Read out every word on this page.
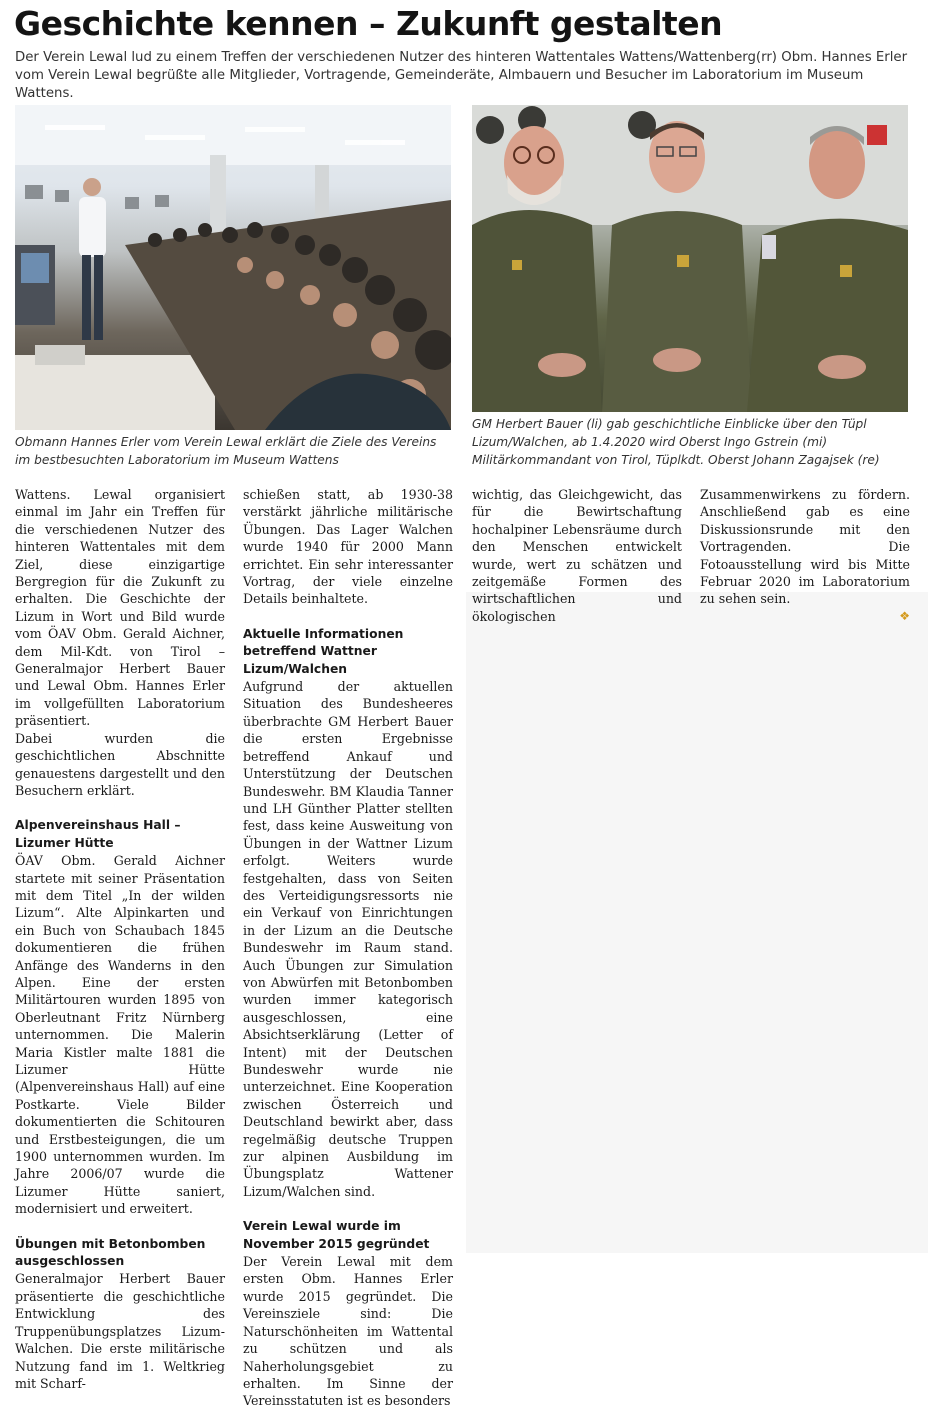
Geschichte kennen – Zukunft gestalten
Der Verein Lewal lud zu einem Treffen der verschiedenen Nutzer des hinteren Wattentales Wattens/Wattenberg(rr) Obm. Hannes Erler vom Verein Lewal begrüßte alle Mitglieder, Vortragende, Gemeinderäte, Almbauern und Besucher im Laboratorium im Museum Wattens.
Obmann Hannes Erler vom Verein Lewal erklärt die Ziele des Vereins im bestbesuchten Laboratorium im Museum Wattens
GM Herbert Bauer (li) gab geschichtliche Einblicke über den Tüpl Lizum/Walchen, ab 1.4.2020 wird Oberst Ingo Gstrein (mi) Militärkommandant von Tirol, Tüplkdt. Oberst Johann Zagajsek (re)

Wattens. Lewal organisiert einmal im Jahr ein Treffen für die verschiedenen Nutzer des hinteren Wattentales mit dem Ziel, diese einzigartige Bergregion für die Zukunft zu erhalten. Die Geschichte der Lizum in Wort und Bild wurde vom ÖAV Obm. Gerald Aichner, dem Mil-Kdt. von Tirol – Generalmajor Herbert Bauer und Lewal Obm. Hannes Erler im vollgefüllten Laboratorium präsentiert.

Dabei wurden die geschichtlichen Abschnitte genauestens dargestellt und den Besuchern erklärt.

Alpenvereinshaus Hall – Lizumer Hütte

ÖAV Obm. Gerald Aichner startete mit seiner Präsentation mit dem Titel „In der wilden Lizum“. Alte Alpinkarten und ein Buch von Schaubach 1845 dokumentieren die frühen Anfänge des Wanderns in den Alpen. Eine der ersten Militärtouren wurden 1895 von Oberleutnant Fritz Nürnberg unternommen. Die Malerin Maria Kistler malte 1881 die Lizumer Hütte (Alpenvereinshaus Hall) auf eine Postkarte. Viele Bilder dokumentierten die Schitouren und Erstbesteigungen, die um 1900 unternommen wurden. Im Jahre 2006/07 wurde die Lizumer Hütte saniert, modernisiert und erweitert.

Übungen mit Betonbomben ausgeschlossen

Generalmajor Herbert Bauer präsentierte die geschichtliche Entwicklung des Truppenübungsplatzes Lizum-Walchen. Die erste militärische Nutzung fand im 1. Weltkrieg mit Scharf-

schießen statt, ab 1930-38 verstärkt jährliche militärische Übungen. Das Lager Walchen wurde 1940 für 2000 Mann errichtet. Ein sehr interessanter Vortrag, der viele einzelne Details beinhaltete.

Aktuelle Informationen betreffend Wattner Lizum/Walchen

Aufgrund der aktuellen Situation des Bundesheeres überbrachte GM Herbert Bauer die ersten Ergebnisse betreffend Ankauf und Unterstützung der Deutschen Bundeswehr. BM Klaudia Tanner und LH Günther Platter stellten fest, dass keine Ausweitung von Übungen in der Wattner Lizum erfolgt. Weiters wurde festgehalten, dass von Seiten des Verteidigungsressorts nie ein Verkauf von Einrichtungen in der Lizum an die Deutsche Bundeswehr im Raum stand. Auch Übungen zur Simulation von Abwürfen mit Betonbomben wurden immer kategorisch ausgeschlossen, eine Absichtserklärung (Letter of Intent) mit der Deutschen Bundeswehr wurde nie unterzeichnet. Eine Kooperation zwischen Österreich und Deutschland bewirkt aber, dass regelmäßig deutsche Truppen zur alpinen Ausbildung im Übungsplatz Wattener Lizum/Walchen sind.

Verein Lewal wurde im November 2015 gegründet

Der Verein Lewal mit dem ersten Obm. Hannes Erler wurde 2015 gegründet. Die Vereinsziele sind: Die Naturschönheiten im Wattental zu schützen und als Naherholungsgebiet zu erhalten. Im Sinne der Vereinsstatuten ist es besonders

wichtig, das Gleichgewicht, das für die Bewirtschaftung hochalpiner Lebensräume durch den Menschen entwickelt wurde, wert zu schätzen und zeitgemäße Formen des wirtschaftlichen und ökologischen

Zusammenwirkens zu fördern. Anschließend gab es eine Diskussionsrunde mit den Vortragenden. Die Fotoausstellung wird bis Mitte Februar 2020 im Laboratorium zu sehen sein.

❖
